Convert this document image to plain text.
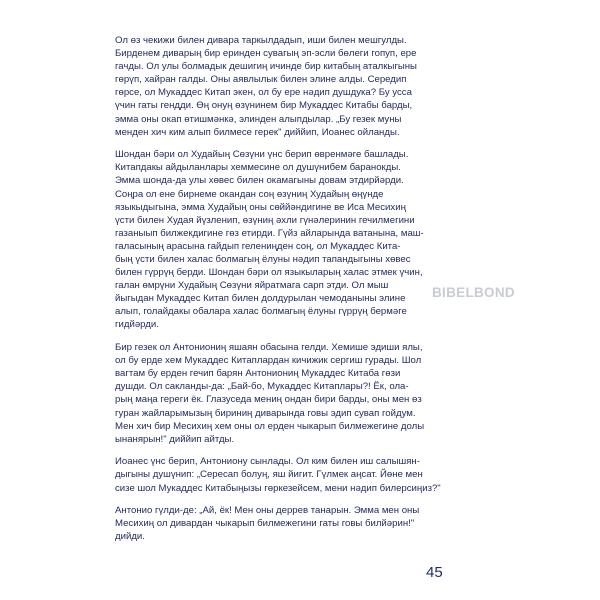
Ол өз чекижи билен дивара таркылдадып, иши билен мешгулды.
Бирденем диварың бир еринден сувагың эп-эсли бөлеги гопуп, ере
гачды. Ол улы болмадык дешигиң ичинде бир китабың аталкыгыны
гөрүп, хайран галды. Оны аявлылык билен элине алды. Середип
гөрсе, ол Мукаддес Китап экен, ол бу ере нәдип душдука? Бу усса
үчин гаты гендди. Өң онуң өзүнинем бир Мукаддес Китабы барды,
эмма оны окап өтишмәнкә, элинден алыпдылар. „Бу гезек муны
менден хич ким алып билмесе герек" диййип, Иоанес ойланды.
Шондан бәри ол Худайың Сөзүни үнс берип өвренмәге башлады.
Китапдакы айдыланлары хеммесине ол душүнибем баранокды.
Эмма шонда-да улы хөвес билен окамагыны довам этдирйәрди.
Соңра ол ене бирнеме окандан соң өзүниң Худайың өңүнде
языкыдыгына, эмма Худайың оны сөййәндигине ве Иса Месихиң
үсти билен Худая йүзленип, өзүниң әхли гүнәлеринин гечилмегини
газаныып билжекдигине гөз етирди. Гүйз айларында ватанына, маш-
галасының арасына гайдып гелениңден соң, ол Мукаддес Кита-
бың үсти билен халас болмагың ёлуны нәдип тапандыгыны хөвес
билен гүррүң берди. Шондан бәри ол языкыларың халас этмек үчин,
галан өмрүни Худайың Сөзүни яйратмага сарп этди. Ол мыш
йыгыдан Мукаддес Китап билен долдурылан чемоданыны элине
алып, голайдакы обалара халас болмагың ёлуны гүррүң бермәге
гидйәрди.
Бир гезек ол Антониониң яшаян обасына гелди. Хемише эдиши ялы,
ол бу ерде хем Мукаддес Китаплардан кичижик сергиш гурады. Шол
вагтам бу ерден гечип барян Антониониң Мукаддес Китаба гөзи
душди. Ол сакланды-да: „Бай-бо, Мукаддес Китаплары?! Ёк, ола-
рың маңа гереги ёк. Глазуседа мениң ондан бири барды, оны мен өз
гуран жайларымызың бириниң диварында говы эдип сувап гойдум.
Мен хич бир Месихиң хем оны ол ерден чыкарып билмежегине долы
ынанярын!" диййип айтды.
Иоанес үнс берип, Антониону сынлады. Ол ким билен иш салышян-
дыгыны душүнип: „Сересап болуң, яш йигит. Гүлмек аңсат. Йөне мен
сизе шол Мукаддес Китабыңызы гөркезейсем, мени нәдип билерсиңиз?"
Антонио гүлди-де: „Ай, ёк! Мен оны деррев танарын. Эмма мен оны
Месихиң ол дивардан чыкарып билмежегини гаты говы билйәрин!"
дийди.
BIBELBOND
45
